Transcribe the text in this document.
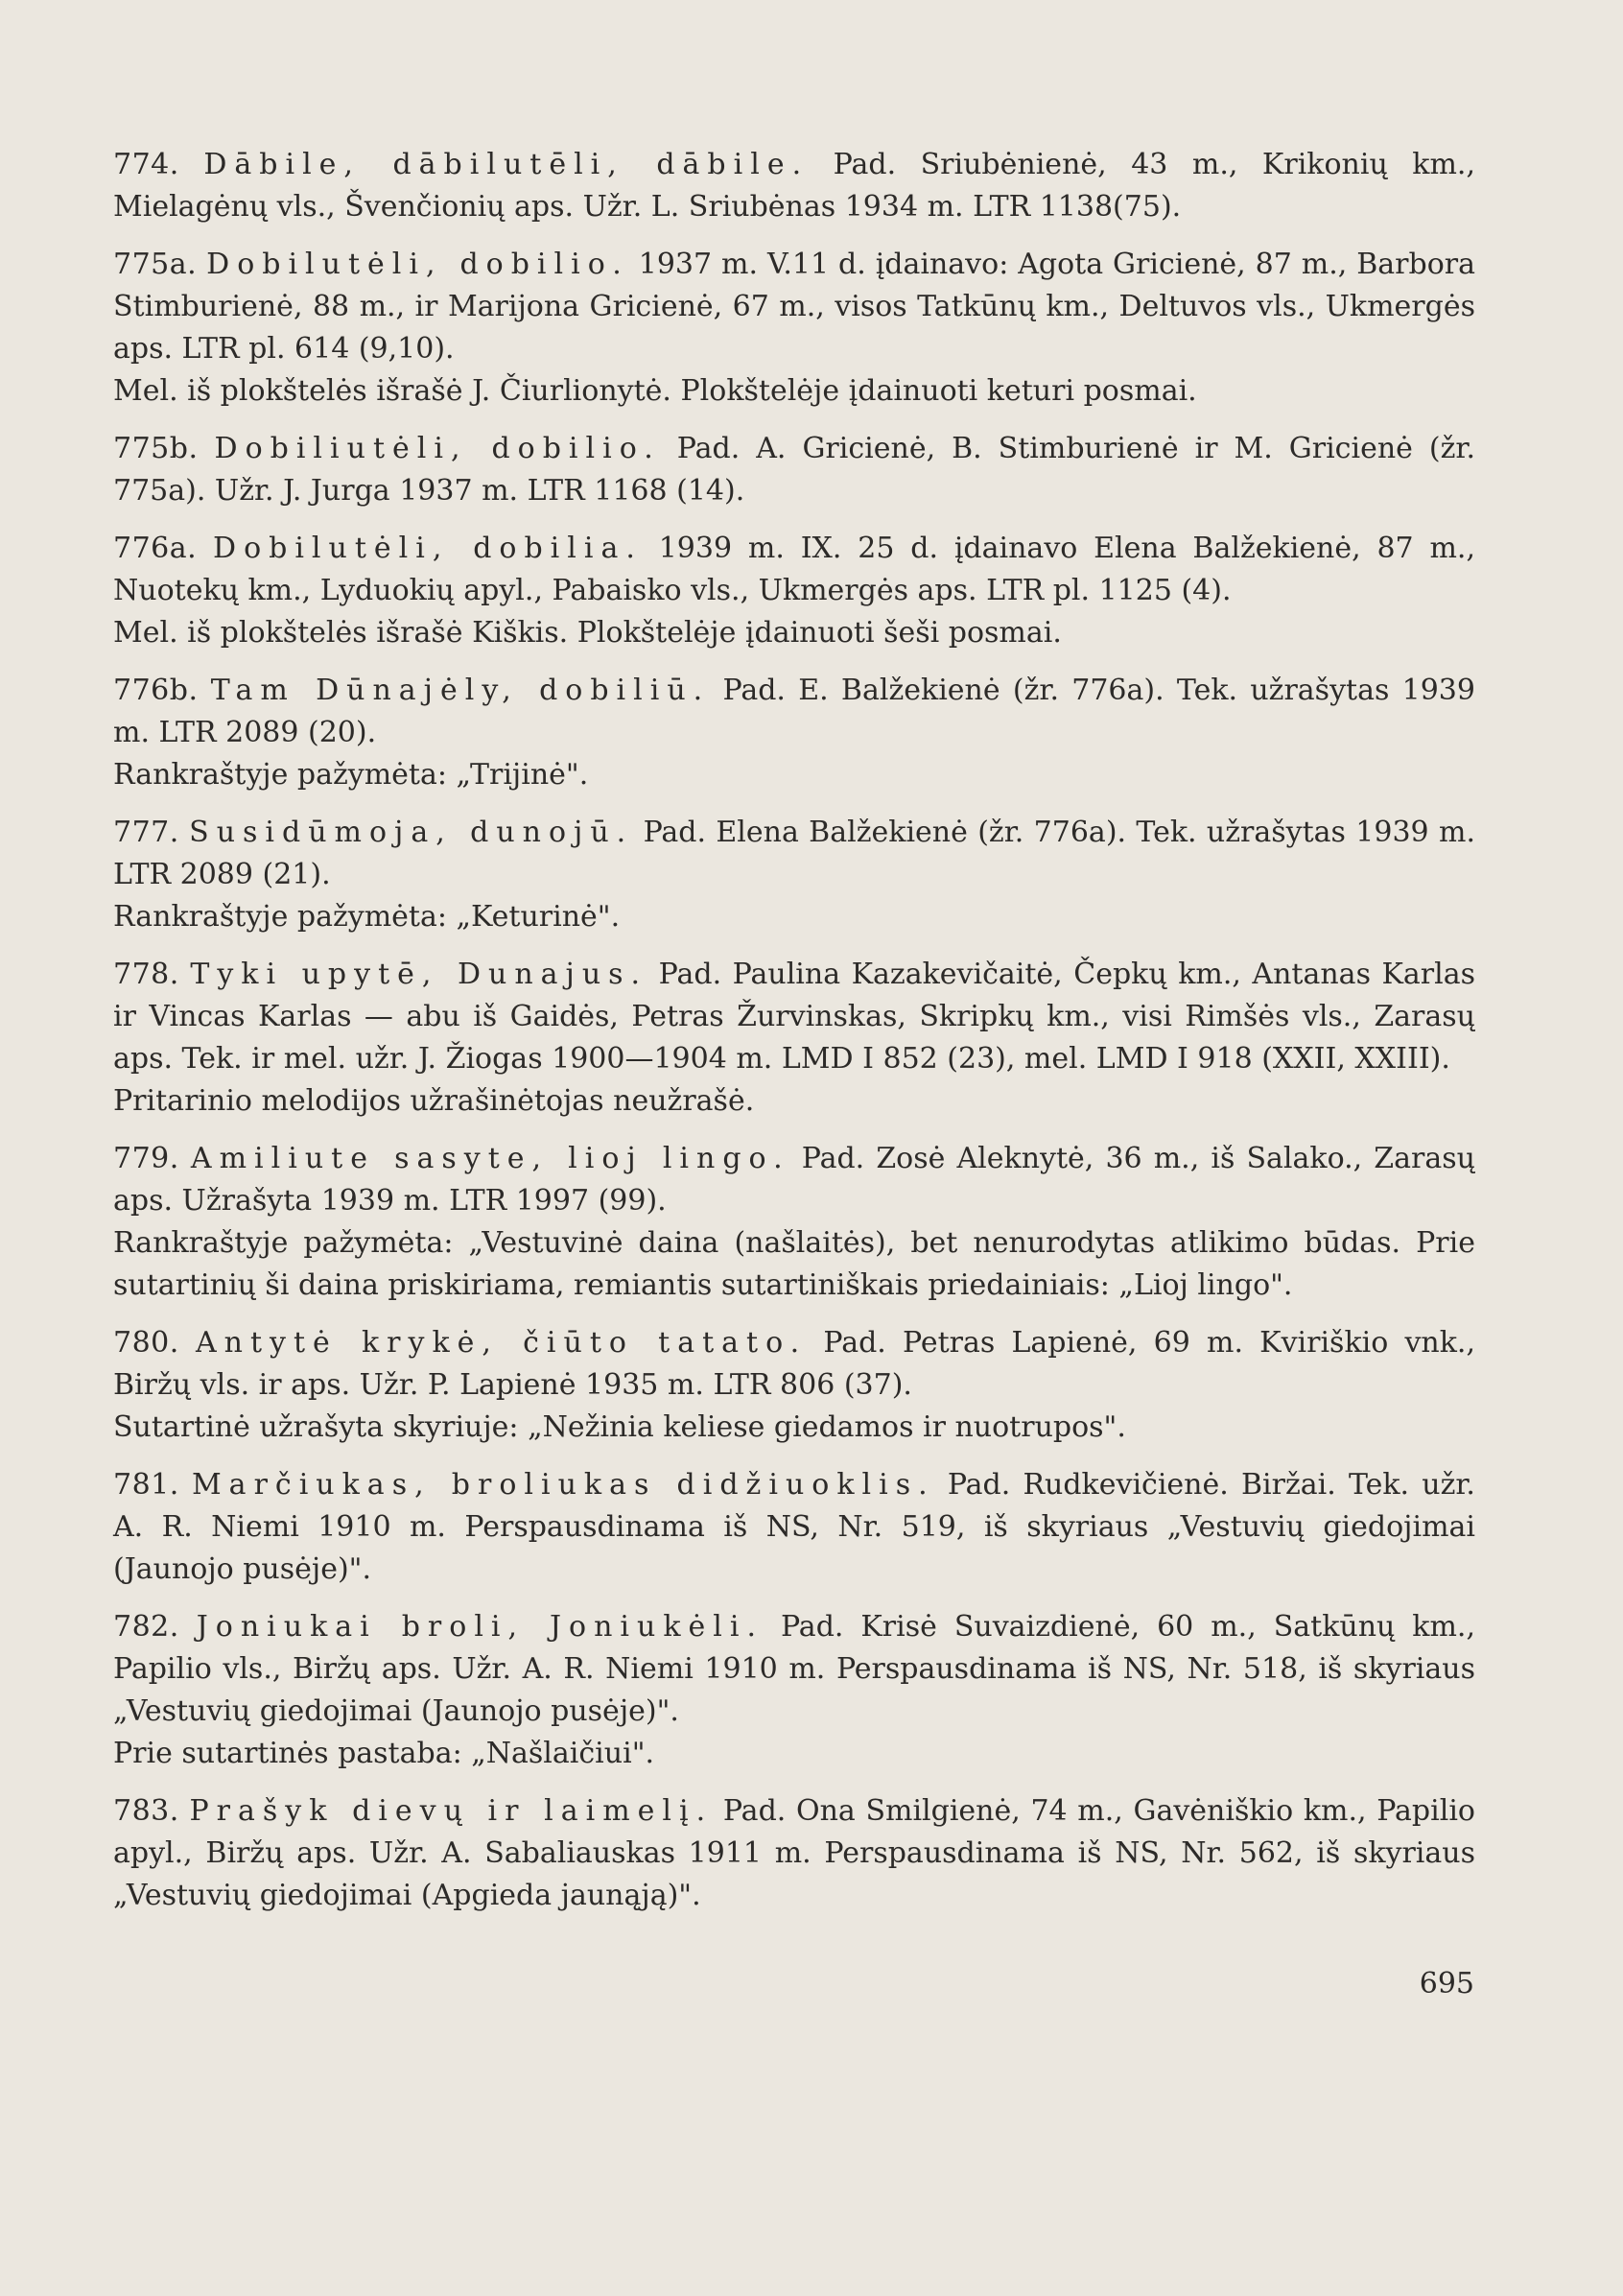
774. Dābile, dābilutēli, dābile. Pad. Sriubėnienė, 43 m., Krikonių km., Mielagėnų vls., Švenčionių aps. Užr. L. Sriubėnas 1934 m. LTR 1138(75).
775a. Dobilutėli, dobilio. 1937 m. V.11 d. įdainavo: Agota Gricienė, 87 m., Barbora Stimburienė, 88 m., ir Marijona Gricienė, 67 m., visos Tatkūnų km., Deltuvos vls., Ukmergės aps. LTR pl. 614 (9,10).
Mel. iš plokštelės išrašė J. Čiurlionytė. Plokštelėje įdainuoti keturi posmai.
775b. Dobiliutėli, dobilio. Pad. A. Gricienė, B. Stimburienė ir M. Gricienė (žr. 775a). Užr. J. Jurga 1937 m. LTR 1168 (14).
776a. Dobilutėli, dobilia. 1939 m. IX. 25 d. įdainavo Elena Balžekienė, 87 m., Nuotekų km., Lyduokių apyl., Pabaisko vls., Ukmergės aps. LTR pl. 1125 (4).
Mel. iš plokštelės išrašė Kiškis. Plokštelėje įdainuoti šeši posmai.
776b. Tam Dūnajėly, dobiliū. Pad. E. Balžekienė (žr. 776a). Tek. užrašytas 1939 m. LTR 2089 (20).
Rankraštyje pažymėta: „Trijinė".
777. Susidūmoja, dunojū. Pad. Elena Balžekienė (žr. 776a). Tek. užrašytas 1939 m. LTR 2089 (21).
Rankraštyje pažymėta: „Keturinė".
778. Tyki upytē, Dunajus. Pad. Paulina Kazakevičaitė, Čepkų km., Antanas Karlas ir Vincas Karlas — abu iš Gaidės, Petras Žurvinskas, Skripkų km., visi Rimšės vls., Zarasų aps. Tek. ir mel. užr. J. Žiogas 1900—1904 m. LMD I 852 (23), mel. LMD I 918 (XXII, XXIII).
Pritarinio melodijos užrašinėtojas neužrašė.
779. Amiliute sasyte, lioj lingo. Pad. Zosė Aleknytė, 36 m., iš Salako., Zarasų aps. Užrašyta 1939 m. LTR 1997 (99).
Rankraštyje pažymėta: „Vestuvinė daina (našlaitės), bet nenurodytas atlikimo būdas. Prie sutartinių ši daina priskiriama, remiantis sutartiniškais priedainiais: „Lioj lingo".
780. Antytė krykė, čiūto tatato. Pad. Petras Lapienė, 69 m. Kviriškio vnk., Biržų vls. ir aps. Užr. P. Lapienė 1935 m. LTR 806 (37).
Sutartinė užrašyta skyriuje: „Nežinia keliese giedamos ir nuotrupos".
781. Marčiukas, broliukas didžiuoklis. Pad. Rudkevičienė. Biržai. Tek. užr. A. R. Niemi 1910 m. Perspausdinama iš NS, Nr. 519, iš skyriaus „Vestuvių giedojimai (Jaunojo pusėje)".
782. Joniukai broli, Joniukėli. Pad. Krisė Suvaizdienė, 60 m., Satkūnų km., Papilio vls., Biržų aps. Užr. A. R. Niemi 1910 m. Perspausdinama iš NS, Nr. 518, iš skyriaus „Vestuvių giedojimai (Jaunojo pusėje)".
Prie sutartinės pastaba: „Našlaičiui".
783. Prašyk dievų ir laimelį. Pad. Ona Smilgienė, 74 m., Gavėniškio km., Papilio apyl., Biržų aps. Užr. A. Sabaliauskas 1911 m. Perspausdinama iš NS, Nr. 562, iš skyriaus „Vestuvių giedojimai (Apgieda jaunąją)".
695
